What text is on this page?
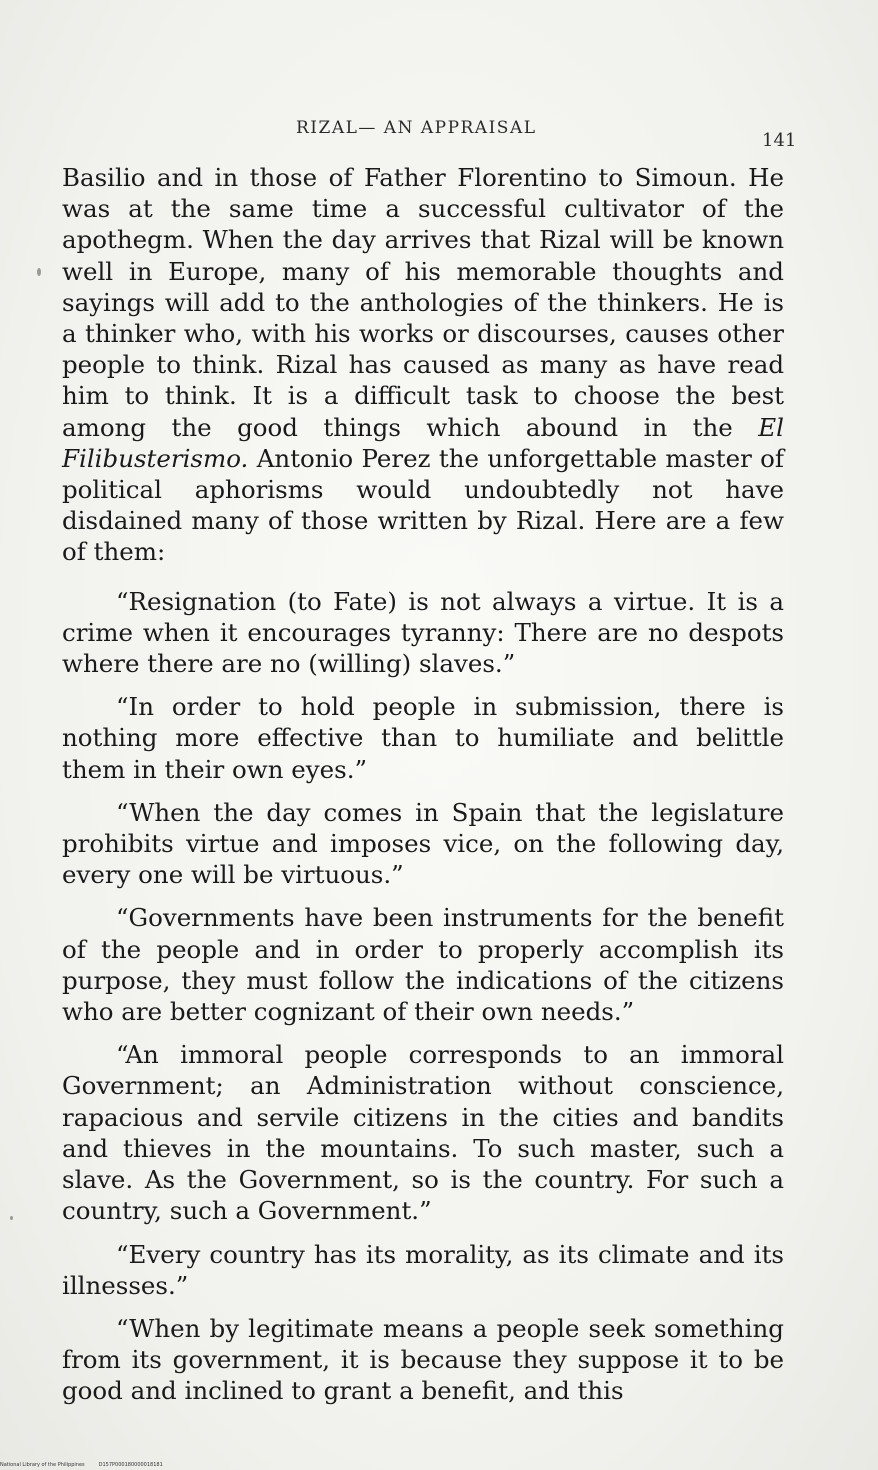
RIZAL— AN APPRAISAL
141

Basilio and in those of Father Florentino to Simoun. He was at the same time a successful cultivator of the apothegm. When the day arrives that Rizal will be known well in Europe, many of his memorable thoughts and sayings will add to the anthologies of the thinkers. He is a thinker who, with his works or discourses, causes other people to think. Rizal has caused as many as have read him to think. It is a difficult task to choose the best among the good things which abound in the El Filibusterismo. Antonio Perez the unforgettable master of political aphorisms would undoubtedly not have disdained many of those written by Rizal. Here are a few of them:

“Resignation (to Fate) is not always a virtue. It is a crime when it encourages tyranny: There are no despots where there are no (willing) slaves.”

“In order to hold people in submission, there is nothing more effective than to humiliate and belittle them in their own eyes.”

“When the day comes in Spain that the legislature prohibits virtue and imposes vice, on the following day, every one will be virtuous.”

“Governments have been instruments for the benefit of the people and in order to properly accomplish its purpose, they must follow the indications of the citizens who are better cognizant of their own needs.”

“An immoral people corresponds to an immoral Government; an Administration without conscience, rapacious and servile citizens in the cities and bandits and thieves in the mountains. To such master, such a slave. As the Government, so is the country. For such a country, such a Government.”

“Every country has its morality, as its climate and its illnesses.”

“When by legitimate means a people seek something from its government, it is because they suppose it to be good and inclined to grant a benefit, and this

National Library of the Philippines	D157P000180000018181
